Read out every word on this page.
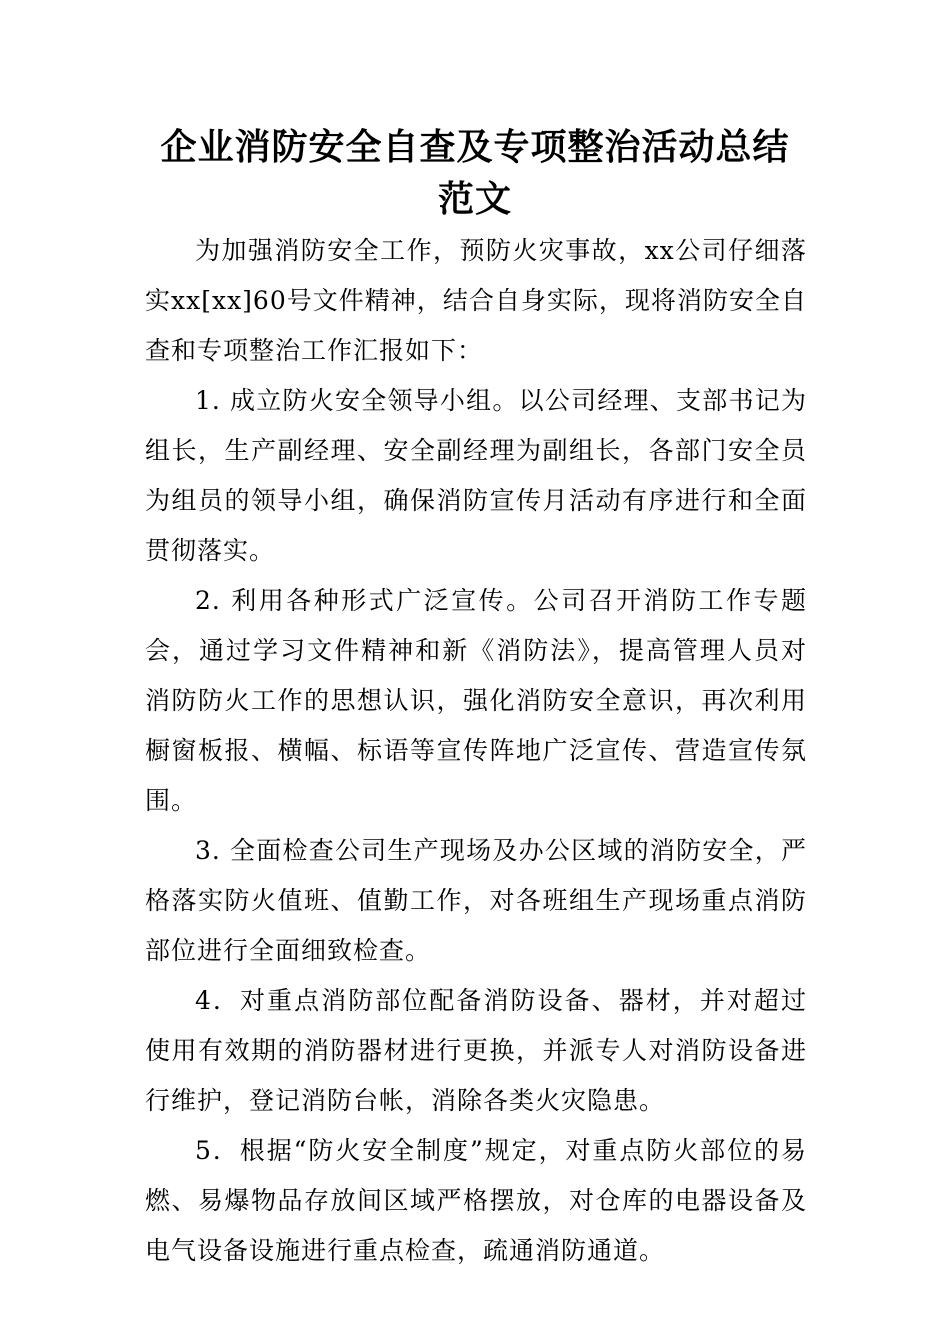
企业消防安全自查及专项整治活动总结范文

为加强消防安全工作，预防火灾事故，xx公司仔细落实xx[xx]60号文件精神，结合自身实际，现将消防安全自查和专项整治工作汇报如下：

1. 成立防火安全领导小组。以公司经理、支部书记为组长，生产副经理、安全副经理为副组长，各部门安全员为组员的领导小组，确保消防宣传月活动有序进行和全面贯彻落实。

2. 利用各种形式广泛宣传。公司召开消防工作专题会，通过学习文件精神和新《消防法》，提高管理人员对消防防火工作的思想认识，强化消防安全意识，再次利用橱窗板报、横幅、标语等宣传阵地广泛宣传、营造宣传氛围。

3. 全面检查公司生产现场及办公区域的消防安全，严格落实防火值班、值勤工作，对各班组生产现场重点消防部位进行全面细致检查。

4．对重点消防部位配备消防设备、器材，并对超过使用有效期的消防器材进行更换，并派专人对消防设备进行维护，登记消防台帐，消除各类火灾隐患。

5．根据“防火安全制度”规定，对重点防火部位的易燃、易爆物品存放间区域严格摆放，对仓库的电器设备及电气设备设施进行重点检查，疏通消防通道。
